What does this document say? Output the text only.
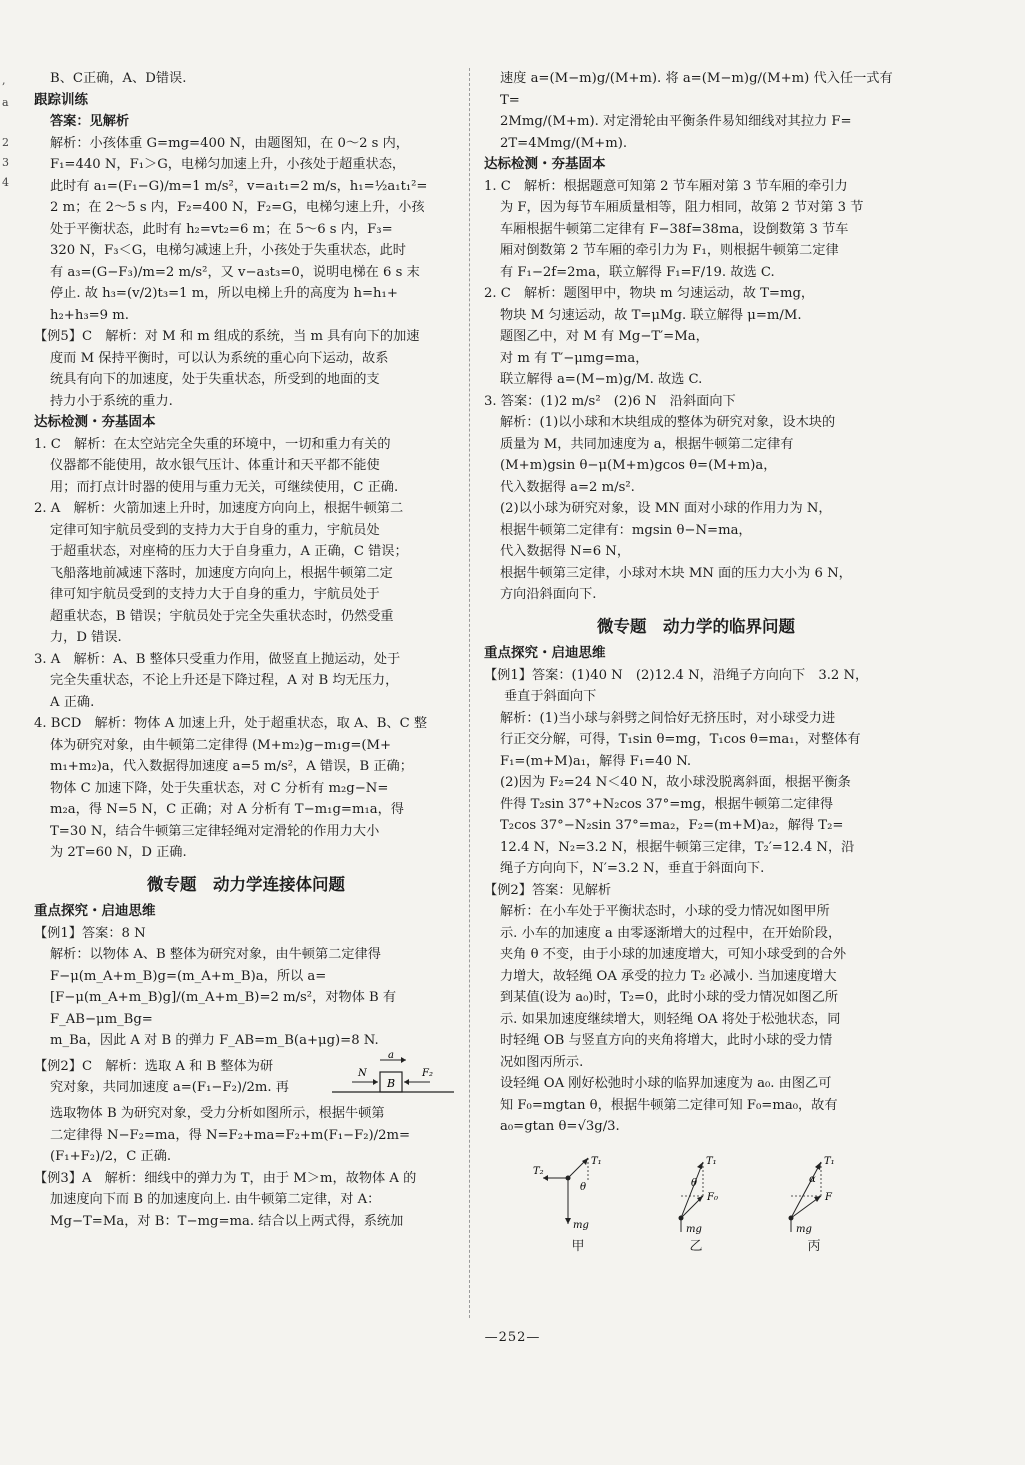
,
a
2
3
4

B、C正确，A、D错误.

跟踪训练

答案：见解析

解析：小孩体重 G=mg=400 N，由题图知，在 0～2 s 内，

F₁=440 N，F₁＞G，电梯匀加速上升，小孩处于超重状态，

此时有 a₁=(F₁−G)/m=1 m/s²，v=a₁t₁=2 m/s，h₁=½a₁t₁²=

2 m；在 2～5 s 内，F₂=400 N，F₂=G，电梯匀速上升，小孩

处于平衡状态，此时有 h₂=vt₂=6 m；在 5～6 s 内，F₃=

320 N，F₃＜G，电梯匀减速上升，小孩处于失重状态，此时

有 a₃=(G−F₃)/m=2 m/s²，又 v−a₃t₃=0，说明电梯在 6 s 末

停止. 故 h₃=(v/2)t₃=1 m，所以电梯上升的高度为 h=h₁+

h₂+h₃=9 m.

【例5】C　解析：对 M 和 m 组成的系统，当 m 具有向下的加速

度而 M 保持平衡时，可以认为系统的重心向下运动，故系

统具有向下的加速度，处于失重状态，所受到的地面的支

持力小于系统的重力.

达标检测・夯基固本

1. C　解析：在太空站完全失重的环境中，一切和重力有关的

仪器都不能使用，故水银气压计、体重计和天平都不能使

用；而打点计时器的使用与重力无关，可继续使用，C 正确.

2. A　解析：火箭加速上升时，加速度方向向上，根据牛顿第二

定律可知宇航员受到的支持力大于自身的重力，宇航员处

于超重状态，对座椅的压力大于自身重力，A 正确，C 错误；

飞船落地前减速下落时，加速度方向向上，根据牛顿第二定

律可知宇航员受到的支持力大于自身的重力，宇航员处于

超重状态，B 错误；宇航员处于完全失重状态时，仍然受重

力，D 错误.

3. A　解析：A、B 整体只受重力作用，做竖直上抛运动，处于

完全失重状态，不论上升还是下降过程，A 对 B 均无压力，

A 正确.

4. BCD　解析：物体 A 加速上升，处于超重状态，取 A、B、C 整

体为研究对象，由牛顿第二定律得 (M+m₂)g−m₁g=(M+

m₁+m₂)a，代入数据得加速度 a=5 m/s²，A 错误，B 正确；

物体 C 加速下降，处于失重状态，对 C 分析有 m₂g−N=

m₂a，得 N=5 N，C 正确；对 A 分析有 T−m₁g=m₁a，得

T=30 N，结合牛顿第三定律轻绳对定滑轮的作用力大小

为 2T=60 N，D 正确.

微专题　动力学连接体问题

重点探究・启迪思维

【例1】答案：8 N

解析：以物体 A、B 整体为研究对象，由牛顿第二定律得

F−μ(m_A+m_B)g=(m_A+m_B)a，所以 a=

[F−μ(m_A+m_B)g]/(m_A+m_B)=2 m/s²，对物体 B 有 F_AB−μm_Bg=

m_Ba，因此 A 对 B 的弹力 F_AB=m_B(a+μg)=8 N.

【例2】C　解析：选取 A 和 B 整体为研

究对象，共同加速度 a=(F₁−F₂)/2m. 再	B
a
N	F₂

选取物体 B 为研究对象，受力分析如图所示，根据牛顿第

二定律得 N−F₂=ma，得 N=F₂+ma=F₂+m(F₁−F₂)/2m=

(F₁+F₂)/2，C 正确.

【例3】A　解析：细线中的弹力为 T，由于 M＞m，故物体 A 的

加速度向下而 B 的加速度向上. 由牛顿第二定律，对 A：

Mg−T=Ma，对 B：T−mg=ma. 结合以上两式得，系统加

速度 a=(M−m)g/(M+m). 将 a=(M−m)g/(M+m) 代入任一式有 T=

2Mmg/(M+m). 对定滑轮由平衡条件易知细线对其拉力 F=

2T=4Mmg/(M+m).

达标检测・夯基固本

1. C　解析：根据题意可知第 2 节车厢对第 3 节车厢的牵引力

为 F，因为每节车厢质量相等，阻力相同，故第 2 节对第 3 节

车厢根据牛顿第二定律有 F−38f=38ma，设倒数第 3 节车

厢对倒数第 2 节车厢的牵引力为 F₁，则根据牛顿第二定律

有 F₁−2f=2ma，联立解得 F₁=F/19. 故选 C.

2. C　解析：题图甲中，物块 m 匀速运动，故 T=mg，

物块 M 匀速运动，故 T=μMg. 联立解得 μ=m/M.

题图乙中，对 M 有 Mg−T′=Ma，

对 m 有 T′−μmg=ma，

联立解得 a=(M−m)g/M. 故选 C.

3. 答案：(1)2 m/s²　(2)6 N　沿斜面向下

解析：(1)以小球和木块组成的整体为研究对象，设木块的

质量为 M，共同加速度为 a，根据牛顿第二定律有

(M+m)gsin θ−μ(M+m)gcos θ=(M+m)a，

代入数据得 a=2 m/s².

(2)以小球为研究对象，设 MN 面对小球的作用力为 N，

根据牛顿第二定律有：mgsin θ−N=ma，

代入数据得 N=6 N，

根据牛顿第三定律，小球对木块 MN 面的压力大小为 6 N，

方向沿斜面向下.

微专题　动力学的临界问题

重点探究・启迪思维

【例1】答案：(1)40 N　(2)12.4 N，沿绳子方向向下　3.2 N，

垂直于斜面向下

解析：(1)当小球与斜劈之间恰好无挤压时，对小球受力进

行正交分解，可得，T₁sin θ=mg，T₁cos θ=ma₁，对整体有

F₁=(m+M)a₁，解得 F₁=40 N.

(2)因为 F₂=24 N＜40 N，故小球没脱离斜面，根据平衡条

件得 T₂sin 37°+N₂cos 37°=mg，根据牛顿第二定律得

T₂cos 37°−N₂sin 37°=ma₂，F₂=(m+M)a₂，解得 T₂=

12.4 N，N₂=3.2 N，根据牛顿第三定律，T₂′=12.4 N，沿

绳子方向向下，N′=3.2 N，垂直于斜面向下.

【例2】答案：见解析

解析：在小车处于平衡状态时，小球的受力情况如图甲所

示. 小车的加速度 a 由零逐渐增大的过程中，在开始阶段，

夹角 θ 不变，由于小球的加速度增大，可知小球受到的合外

力增大，故轻绳 OA 承受的拉力 T₂ 必减小. 当加速度增大

到某值(设为 a₀)时，T₂=0，此时小球的受力情况如图乙所

示. 如果加速度继续增大，则轻绳 OA 将处于松弛状态，同

时轻绳 OB 与竖直方向的夹角将增大，此时小球的受力情

况如图丙所示.

设轻绳 OA 刚好松弛时小球的临界加速度为 a₀. 由图乙可

知 F₀=mgtan θ，根据牛顿第二定律可知 F₀=ma₀，故有

a₀=gtan θ=√3g/3.

T₁
T₂
θ
mg
甲
T₁
θ
F₀
mg
乙
T₁
α
F
mg
丙
—252—
